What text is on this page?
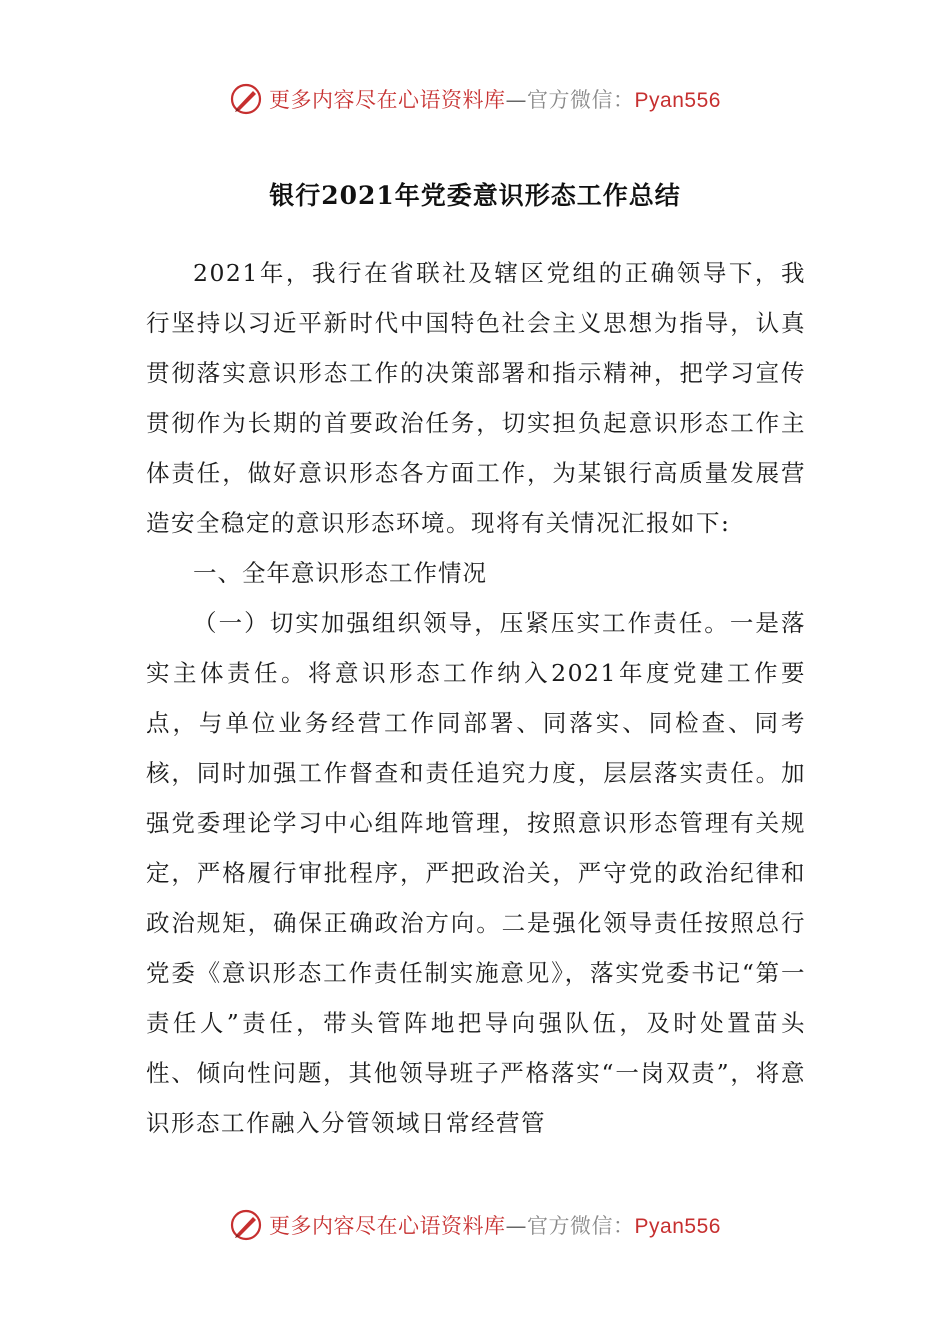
更多内容尽在心语资料库—官方微信：Pyan556
银行2021年党委意识形态工作总结

2021年，我行在省联社及辖区党组的正确领导下，我行坚持以习近平新时代中国特色社会主义思想为指导，认真贯彻落实意识形态工作的决策部署和指示精神，把学习宣传贯彻作为长期的首要政治任务，切实担负起意识形态工作主体责任，做好意识形态各方面工作，为某银行高质量发展营造安全稳定的意识形态环境。现将有关情况汇报如下:

一、全年意识形态工作情况

（一）切实加强组织领导，压紧压实工作责任。一是落实主体责任。将意识形态工作纳入2021年度党建工作要点，与单位业务经营工作同部署、同落实、同检查、同考核，同时加强工作督查和责任追究力度，层层落实责任。加强党委理论学习中心组阵地管理，按照意识形态管理有关规定，严格履行审批程序，严把政治关，严守党的政治纪律和政治规矩，确保正确政治方向。二是强化领导责任按照总行党委《意识形态工作责任制实施意见》，落实党委书记“第一责任人”责任，带头管阵地把导向强队伍，及时处置苗头性、倾向性问题，其他领导班子严格落实“一岗双责”，将意识形态工作融入分管领域日常经营管

更多内容尽在心语资料库—官方微信：Pyan556
